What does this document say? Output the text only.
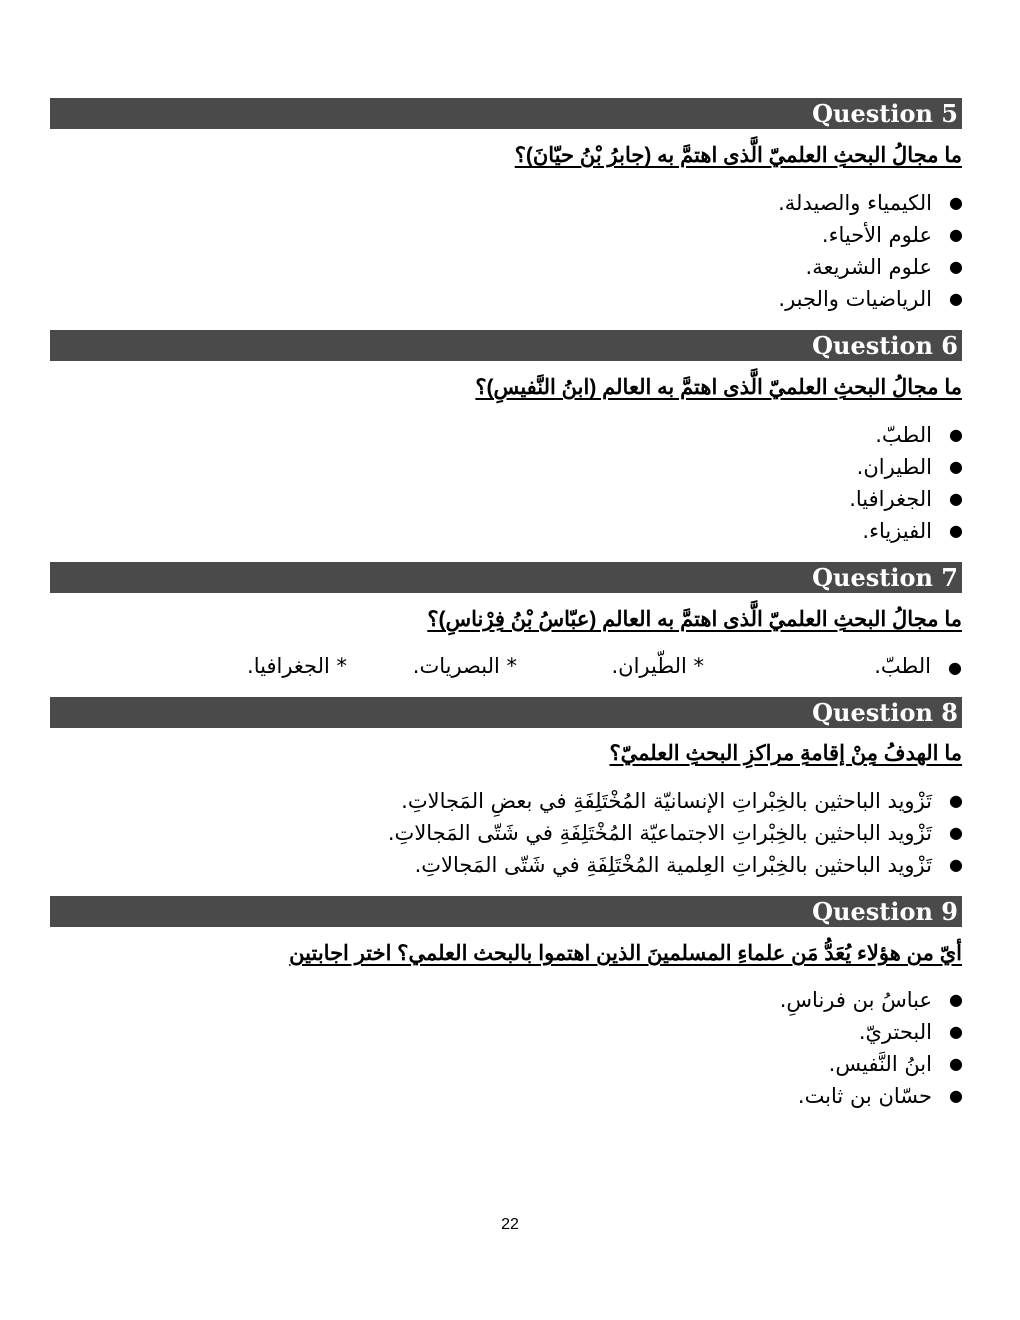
Question 5
ما مجالُ البحثِ العلميّ الَّذى اهتمَّ به (جابرُ بْنُ حيّانَ)؟
●
الكيمياء والصيدلة.
●
علوم الأحياء.
●
علوم الشريعة.
●
الرياضيات والجبر.
Question 6
ما مجالُ البحثِ العلميّ الَّذى اهتمَّ به العالم (ابنُ النَّفيسِ)؟
●
الطبّ.
●
الطيران.
●
الجغرافيا.
●
الفيزياء.
Question 7
ما مجالُ البحثِ العلميّ الَّذى اهتمَّ به العالم (عبّاسُ بْنُ فِرْناسِ)؟
●
الطبّ.
* الطّيران.
* البصريات.
* الجغرافيا.
Question 8
ما الهدفُ مِنْ إقامةِ مراكزِ البحثِ العلميّ؟
●
تَزْويد الباحثين بالخِبْراتِ الإنسانيّة المُخْتَلِفَةِ في بعضِ المَجالاتِ.
●
تَزْويد الباحثين بالخِبْراتِ الاجتماعيّة المُخْتَلِفَةِ في شَتّى المَجالاتِ.
●
تَزْويد الباحثين بالخِبْراتِ العِلمية المُخْتَلِفَةِ في شَتّى المَجالاتِ.
Question 9
أيّ من هؤلاء يُعَدُّ مَن علماءِ المسلمينَ الذين اهتموا بالبحث العلمي؟ اختر اجابتين
●
عباسُ بن فرناسِ.
●
البحتريّ.
●
ابنُ النَّفيس.
●
حسّان بن ثابت.
22
